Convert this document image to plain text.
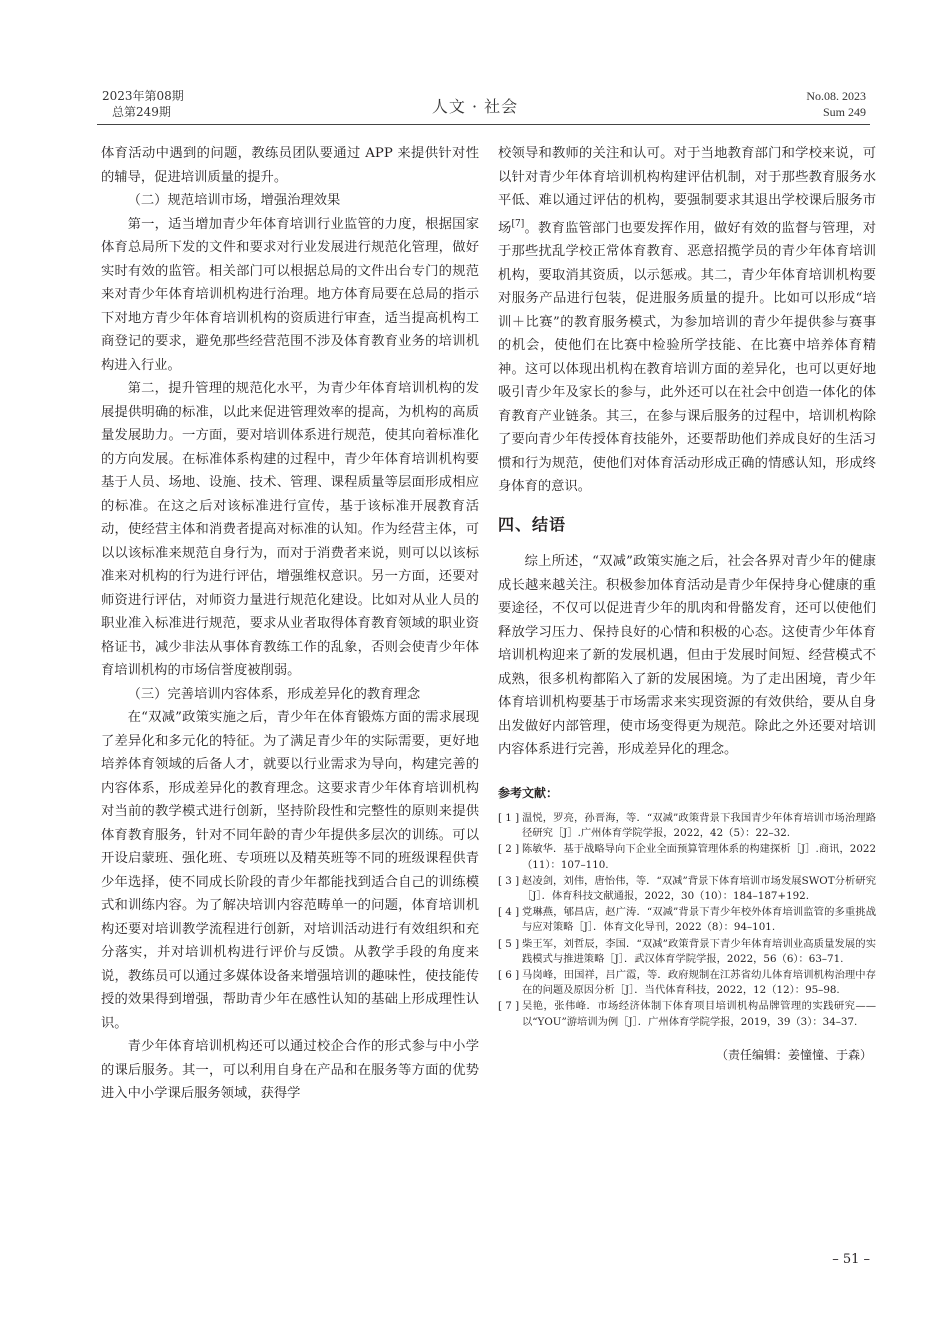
2023年第08期
总第249期	人文 · 社会
No.08. 2023
Sum 249

体育活动中遇到的问题，教练员团队要通过 APP 来提供针对性的辅导，促进培训质量的提升。

（二）规范培训市场，增强治理效果

第一，适当增加青少年体育培训行业监管的力度，根据国家体育总局所下发的文件和要求对行业发展进行规范化管理，做好实时有效的监管。相关部门可以根据总局的文件出台专门的规范来对青少年体育培训机构进行治理。地方体育局要在总局的指示下对地方青少年体育培训机构的资质进行审查，适当提高机构工商登记的要求，避免那些经营范围不涉及体育教育业务的培训机构进入行业。

第二，提升管理的规范化水平，为青少年体育培训机构的发展提供明确的标准，以此来促进管理效率的提高，为机构的高质量发展助力。一方面，要对培训体系进行规范，使其向着标准化的方向发展。在标准体系构建的过程中，青少年体育培训机构要基于人员、场地、设施、技术、管理、课程质量等层面形成相应的标准。在这之后对该标准进行宣传，基于该标准开展教育活动，使经营主体和消费者提高对标准的认知。作为经营主体，可以以该标准来规范自身行为，而对于消费者来说，则可以以该标准来对机构的行为进行评估，增强维权意识。另一方面，还要对师资进行评估，对师资力量进行规范化建设。比如对从业人员的职业准入标准进行规范，要求从业者取得体育教育领域的职业资格证书，减少非法从事体育教练工作的乱象，否则会使青少年体育培训机构的市场信誉度被削弱。

（三）完善培训内容体系，形成差异化的教育理念

在“双减”政策实施之后，青少年在体育锻炼方面的需求展现了差异化和多元化的特征。为了满足青少年的实际需要，更好地培养体育领域的后备人才，就要以行业需求为导向，构建完善的内容体系，形成差异化的教育理念。这要求青少年体育培训机构对当前的教学模式进行创新，坚持阶段性和完整性的原则来提供体育教育服务，针对不同年龄的青少年提供多层次的训练。可以开设启蒙班、强化班、专项班以及精英班等不同的班级课程供青少年选择，使不同成长阶段的青少年都能找到适合自己的训练模式和训练内容。为了解决培训内容范畴单一的问题，体育培训机构还要对培训教学流程进行创新，对培训活动进行有效组织和充分落实，并对培训机构进行评价与反馈。从教学手段的角度来说，教练员可以通过多媒体设备来增强培训的趣味性，使技能传授的效果得到增强，帮助青少年在感性认知的基础上形成理性认识。

青少年体育培训机构还可以通过校企合作的形式参与中小学的课后服务。其一，可以利用自身在产品和在服务等方面的优势进入中小学课后服务领域，获得学

校领导和教师的关注和认可。对于当地教育部门和学校来说，可以针对青少年体育培训机构构建评估机制，对于那些教育服务水平低、难以通过评估的机构，要强制要求其退出学校课后服务市场[7]。教育监管部门也要发挥作用，做好有效的监督与管理，对于那些扰乱学校正常体育教育、恶意招揽学员的青少年体育培训机构，要取消其资质，以示惩戒。其二，青少年体育培训机构要对服务产品进行包装，促进服务质量的提升。比如可以形成“培训＋比赛”的教育服务模式，为参加培训的青少年提供参与赛事的机会，使他们在比赛中检验所学技能、在比赛中培养体育精神。这可以体现出机构在教育培训方面的差异化，也可以更好地吸引青少年及家长的参与，此外还可以在社会中创造一体化的体育教育产业链条。其三，在参与课后服务的过程中，培训机构除了要向青少年传授体育技能外，还要帮助他们养成良好的生活习惯和行为规范，使他们对体育活动形成正确的情感认知，形成终身体育的意识。

四、结语

综上所述，“双减”政策实施之后，社会各界对青少年的健康成长越来越关注。积极参加体育活动是青少年保持身心健康的重要途径，不仅可以促进青少年的肌肉和骨骼发育，还可以使他们释放学习压力、保持良好的心情和积极的心态。这使青少年体育培训机构迎来了新的发展机遇，但由于发展时间短、经营模式不成熟，很多机构都陷入了新的发展困境。为了走出困境，青少年体育培训机构要基于市场需求来实现资源的有效供给，要从自身出发做好内部管理，使市场变得更为规范。除此之外还要对培训内容体系进行完善，形成差异化的理念。

参考文献：
[ 1 ] 温悦，罗亮，孙晋海，等．“双减”政策背景下我国青少年体育培训市场治理路径研究［J］.广州体育学院学报，2022，42（5）：22–32.
[ 2 ] 陈敏华．基于战略导向下企业全面预算管理体系的构建探析［J］.商讯，2022（11）：107–110.
[ 3 ] 赵凌剑，刘伟，唐怡伟，等．“双减”背景下体育培训市场发展SWOT分析研究［J］．体育科技文献通报，2022，30（10）：184–187+192.
[ 4 ] 党琳燕，郇昌店，赵广涛．“双减”背景下青少年校外体育培训监管的多重挑战与应对策略［J］．体育文化导刊，2022（8）：94–101.
[ 5 ] 柴王军，刘哲辰，李国．“双减”政策背景下青少年体育培训业高质量发展的实践模式与推进策略［J］．武汉体育学院学报，2022，56（6）：63–71.
[ 6 ] 马岗峰，田国祥，吕广霞，等．政府规制在江苏省幼儿体育培训机构治理中存在的问题及原因分析［J］．当代体育科技，2022，12（12）：95–98.
[ 7 ] 吴艳，张伟峰．市场经济体制下体育项目培训机构品牌管理的实践研究——以“YOU”游培训为例［J］．广州体育学院学报，2019，39（3）：34–37.
（责任编辑：姜憧憧、于森）
– 51 –
